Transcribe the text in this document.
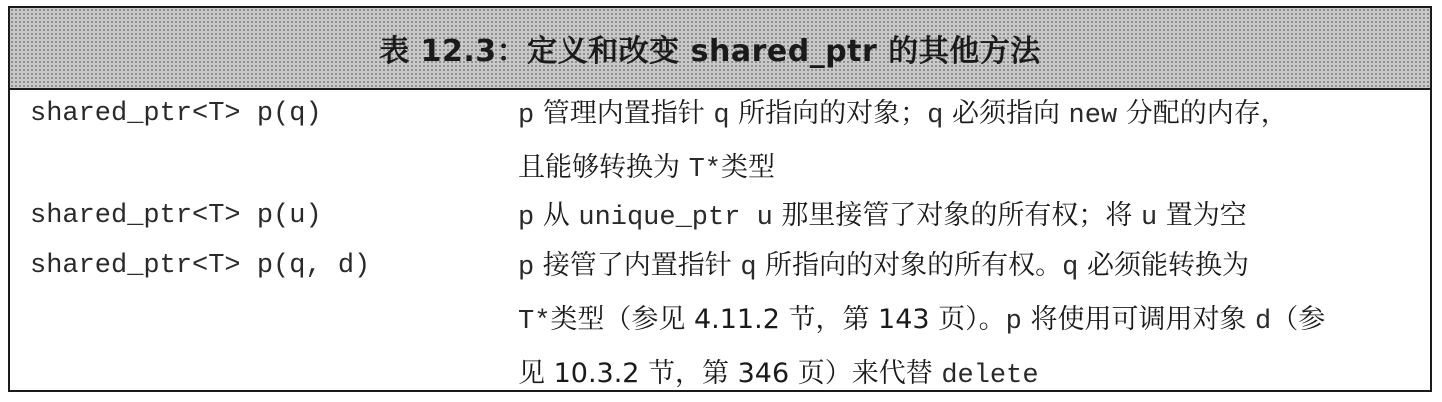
表 12.3：定义和改变 shared_ptr 的其他方法
shared_ptr<T> p(q)	p 管理内置指针 q 所指向的对象；q 必须指向 new 分配的内存，
且能够转换为 T*类型
shared_ptr<T> p(u)	p 从 unique_ptr u 那里接管了对象的所有权；将 u 置为空
shared_ptr<T> p(q, d)	p 接管了内置指针 q 所指向的对象的所有权。q 必须能转换为
T*类型（参见 4.11.2 节，第 143 页）。p 将使用可调用对象 d（参
见 10.3.2 节，第 346 页）来代替 delete
